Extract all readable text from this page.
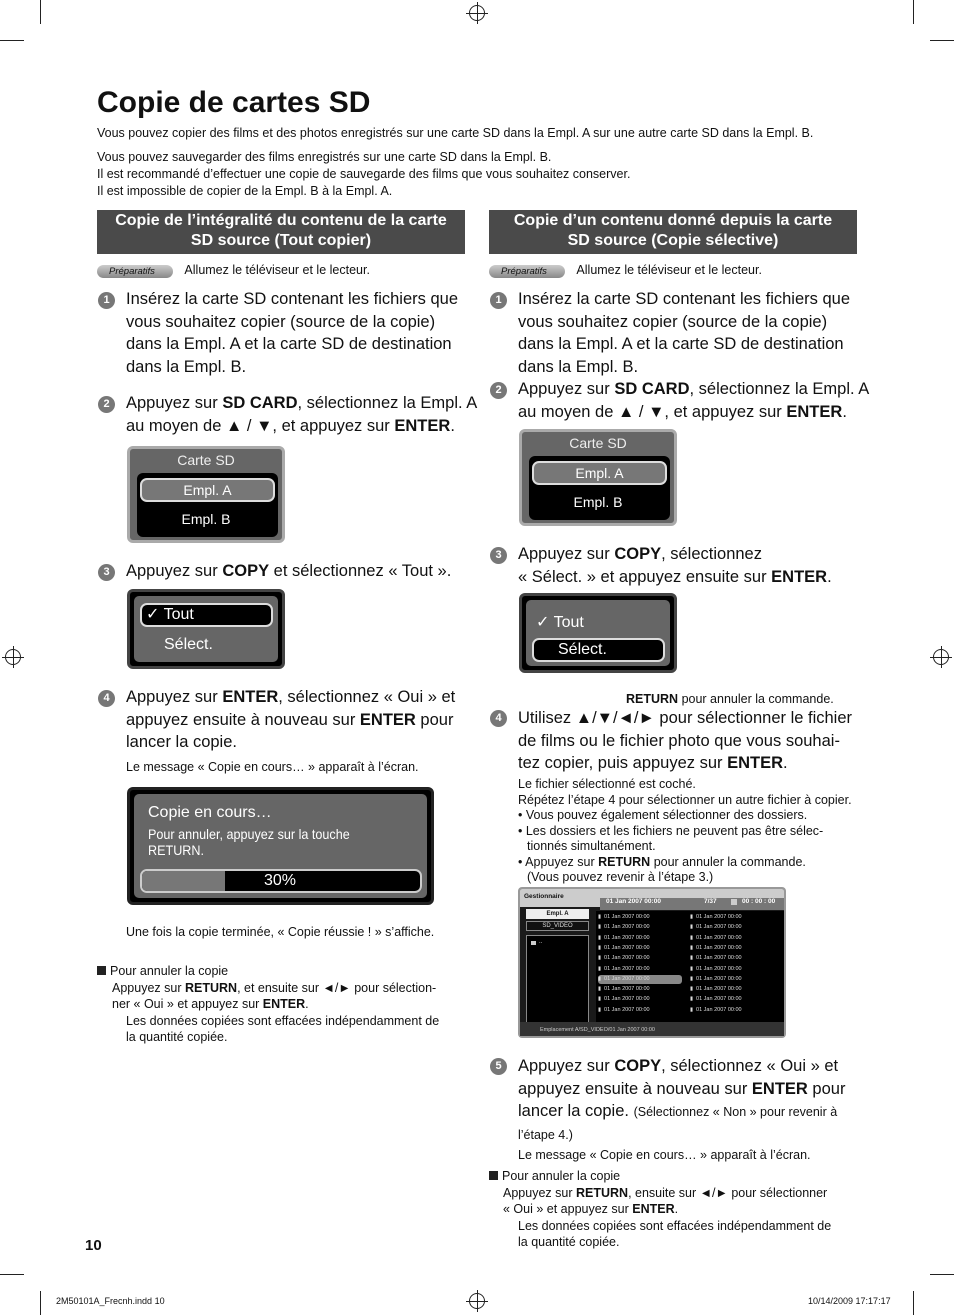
Copie de cartes SD
Vous pouvez copier des films et des photos enregistrés sur une carte SD dans la Empl. A sur une autre carte SD dans la Empl. B.
Vous pouvez sauvegarder des films enregistrés sur une carte SD dans la Empl. B.
Il est recommandé d’effectuer une copie de sauvegarde des films que vous souhaitez conserver.
Il est impossible de copier de la Empl. B à la Empl. A.
Copie de l’intégralité du contenu de la carte
SD source (Tout copier)
Préparatifs Allumez le téléviseur et le lecteur.
1 Insérez la carte SD contenant les fichiers que
vous souhaitez copier (source de la copie)
dans la Empl. A et la carte SD de destination
dans la Empl. B.
2 Appuyez sur SD CARD, sélectionnez la Empl. A
au moyen de ▲ / ▼, et appuyez sur ENTER.
Carte SD
Empl. A
Empl. B
3 Appuyez sur COPY et sélectionnez « Tout ».
✓ Tout
Sélect.
4 Appuyez sur ENTER, sélectionnez « Oui » et
appuyez ensuite à nouveau sur ENTER pour
lancer la copie.
Le message « Copie en cours… » apparaît à l’écran.
Copie en cours…
Pour annuler, appuyez sur la touche RETURN.
30%
Une fois la copie terminée, « Copie réussie ! » s’affiche.
Pour annuler la copie
Appuyez sur RETURN, et ensuite sur ◄/► pour sélection-
ner « Oui » et appuyez sur ENTER.
Les données copiées sont effacées indépendamment de
la quantité copiée.
Copie d’un contenu donné depuis la carte
SD source (Copie sélective)
Préparatifs Allumez le téléviseur et le lecteur.
1 Insérez la carte SD contenant les fichiers que
vous souhaitez copier (source de la copie)
dans la Empl. A et la carte SD de destination
dans la Empl. B.
2 Appuyez sur SD CARD, sélectionnez la Empl. A
au moyen de ▲ / ▼, et appuyez sur ENTER.
Carte SD
Empl. A
Empl. B
3 Appuyez sur COPY, sélectionnez
« Sélect. » et appuyez ensuite sur ENTER.
✓ Tout
Sélect.
RETURN pour annuler la commande.
4 Utilisez ▲/▼/◄/► pour sélectionner le fichier
de films ou le fichier photo que vous souhai-
tez copier, puis appuyez sur ENTER.
Le fichier sélectionné est coché.
Répétez l’étape 4 pour sélectionner un autre fichier à copier.
• Vous pouvez également sélectionner des dossiers.
• Les dossiers et les fichiers ne peuvent pas être sélec-
tionnés simultanément.
• Appuyez sur RETURN pour annuler la commande.
(Vous pouvez revenir à l’étape 3.)
Gestionnaire
01 Jan 2007 00:00	7/37	00 : 00 : 00
Empl. A
SD_VIDEO
..
▮ 01 Jan 2007 00:00
▮ 01 Jan 2007 00:00
▮ 01 Jan 2007 00:00
▮ 01 Jan 2007 00:00
▮ 01 Jan 2007 00:00
▮ 01 Jan 2007 00:00
▮ 01 Jan 2007 00:00
▮ 01 Jan 2007 00:00
▮ 01 Jan 2007 00:00
▮ 01 Jan 2007 00:00
▮ 01 Jan 2007 00:00
▮ 01 Jan 2007 00:00
▮ 01 Jan 2007 00:00
▮ 01 Jan 2007 00:00
▮ 01 Jan 2007 00:00
▮ 01 Jan 2007 00:00
▮ 01 Jan 2007 00:00
▮ 01 Jan 2007 00:00
▮ 01 Jan 2007 00:00
▮ 01 Jan 2007 00:00
Emplacement A/SD_VIDEO/01 Jan 2007 00:00
5 Appuyez sur COPY, sélectionnez « Oui » et
appuyez ensuite à nouveau sur ENTER pour
lancer la copie. (Sélectionnez « Non » pour revenir à
l’étape 4.)
Le message « Copie en cours… » apparaît à l’écran.
Pour annuler la copie
Appuyez sur RETURN, ensuite sur ◄/► pour sélectionner
« Oui » et appuyez sur ENTER.
Les données copiées sont effacées indépendamment de
la quantité copiée.
10
2M50101A_Frecnh.indd 10	10/14/2009 17:17:17
